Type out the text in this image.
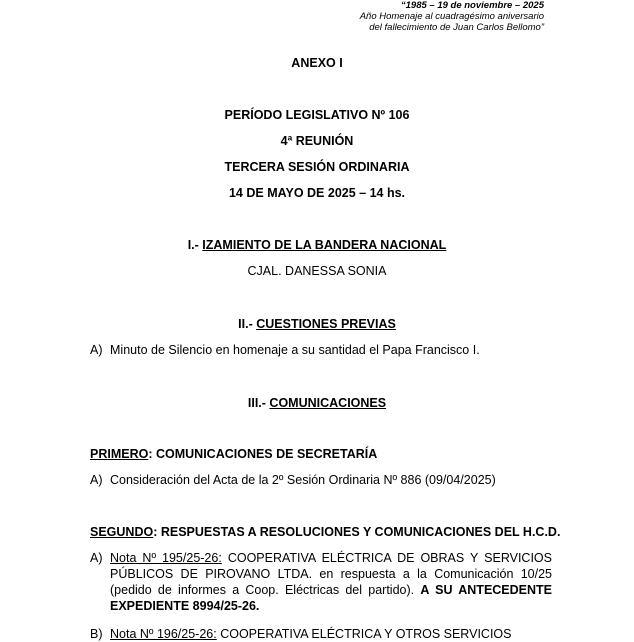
“1985 – 19 de noviembre – 2025
Año Homenaje al cuadragésimo aniversario
del fallecimiento de Juan Carlos Bellomo”
ANEXO I
PERÍODO LEGISLATIVO Nº 106
4ª REUNIÓN
TERCERA SESIÓN ORDINARIA
14 DE MAYO DE 2025 – 14 hs.
I.- IZAMIENTO DE LA BANDERA NACIONAL
CJAL. DANESSA SONIA
II.- CUESTIONES PREVIAS
A) Minuto de Silencio en homenaje a su santidad el Papa Francisco I.
III.- COMUNICACIONES
PRIMERO: COMUNICACIONES DE SECRETARÍA
A) Consideración del Acta de la 2º Sesión Ordinaria Nº 886 (09/04/2025)
SEGUNDO: RESPUESTAS A RESOLUCIONES Y COMUNICACIONES DEL H.C.D.
A) Nota Nº 195/25-26: COOPERATIVA ELÉCTRICA DE OBRAS Y SERVICIOS PÚBLICOS DE PIROVANO LTDA. en respuesta a la Comunicación 10/25 (pedido de informes a Coop. Eléctricas del partido). A SU ANTECEDENTE EXPEDIENTE 8994/25-26.
B) Nota Nº 196/25-26: COOPERATIVA ELÉCTRICA Y OTROS SERVICIOS
